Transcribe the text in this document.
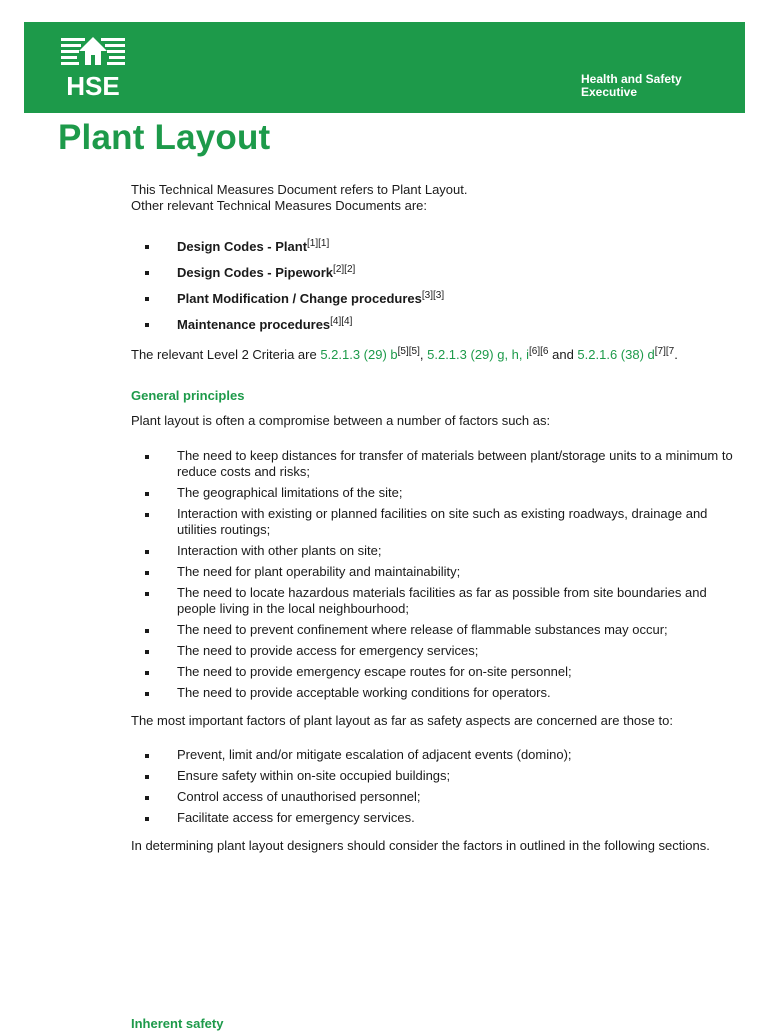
HSE	Health and Safety
Executive
Plant Layout

This Technical Measures Document refers to Plant Layout.
Other relevant Technical Measures Documents are:

Design Codes - Plant[1][1]
Design Codes - Pipework[2][2]
Plant Modification / Change procedures[3][3]
Maintenance procedures[4][4]

The relevant Level 2 Criteria are 5.2.1.3 (29) b[5][5], 5.2.1.3 (29) g, h, $i^{[6][6}$ and 5.2.1.6 (38) $d^{[7][7}$.

General principles

Plant layout is often a compromise between a number of factors such as:

The need to keep distances for transfer of materials between plant/storage units to a minimum to reduce costs and risks;
The geographical limitations of the site;
Interaction with existing or planned facilities on site such as existing roadways, drainage and utilities routings;
Interaction with other plants on site;
The need for plant operability and maintainability;
The need to locate hazardous materials facilities as far as possible from site boundaries and people living in the local neighbourhood;
The need to prevent confinement where release of flammable substances may occur;
The need to provide access for emergency services;
The need to provide emergency escape routes for on-site personnel;
The need to provide acceptable working conditions for operators.

The most important factors of plant layout as far as safety aspects are concerned are those to:

Prevent, limit and/or mitigate escalation of adjacent events (domino);
Ensure safety within on-site occupied buildings;
Control access of unauthorised personnel;
Facilitate access for emergency services.

In determining plant layout designers should consider the factors in outlined in the following sections.

Inherent safety
